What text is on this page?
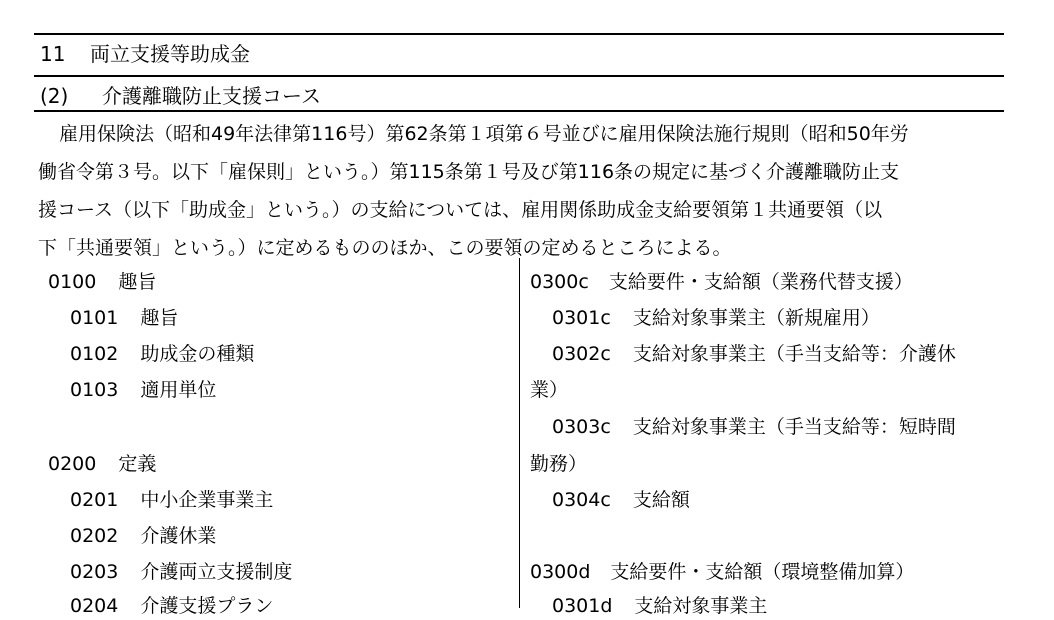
11 両立支援等助成金
(2) 介護離職防止支援コース
雇用保険法（昭和49年法律第116号）第62条第１項第６号並びに雇用保険法施行規則（昭和50年労
働省令第３号。以下「雇保則」という。）第115条第１号及び第116条の規定に基づく介護離職防止支
援コース（以下「助成金」という。）の支給については、雇用関係助成金支給要領第１共通要領（以
下「共通要領」という。）に定めるもののほか、この要領の定めるところによる。
0100 趣旨
0101 趣旨
0102 助成金の種類
0103 適用単位
0200 定義
0201 中小企業事業主
0202 介護休業
0203 介護両立支援制度
0204 介護支援プラン
0300c 支給要件・支給額（業務代替支援）
0301c 支給対象事業主（新規雇用）
0302c 支給対象事業主（手当支給等：介護休
業）
0303c 支給対象事業主（手当支給等：短時間
勤務）
0304c 支給額
0300d 支給要件・支給額（環境整備加算）
0301d 支給対象事業主
